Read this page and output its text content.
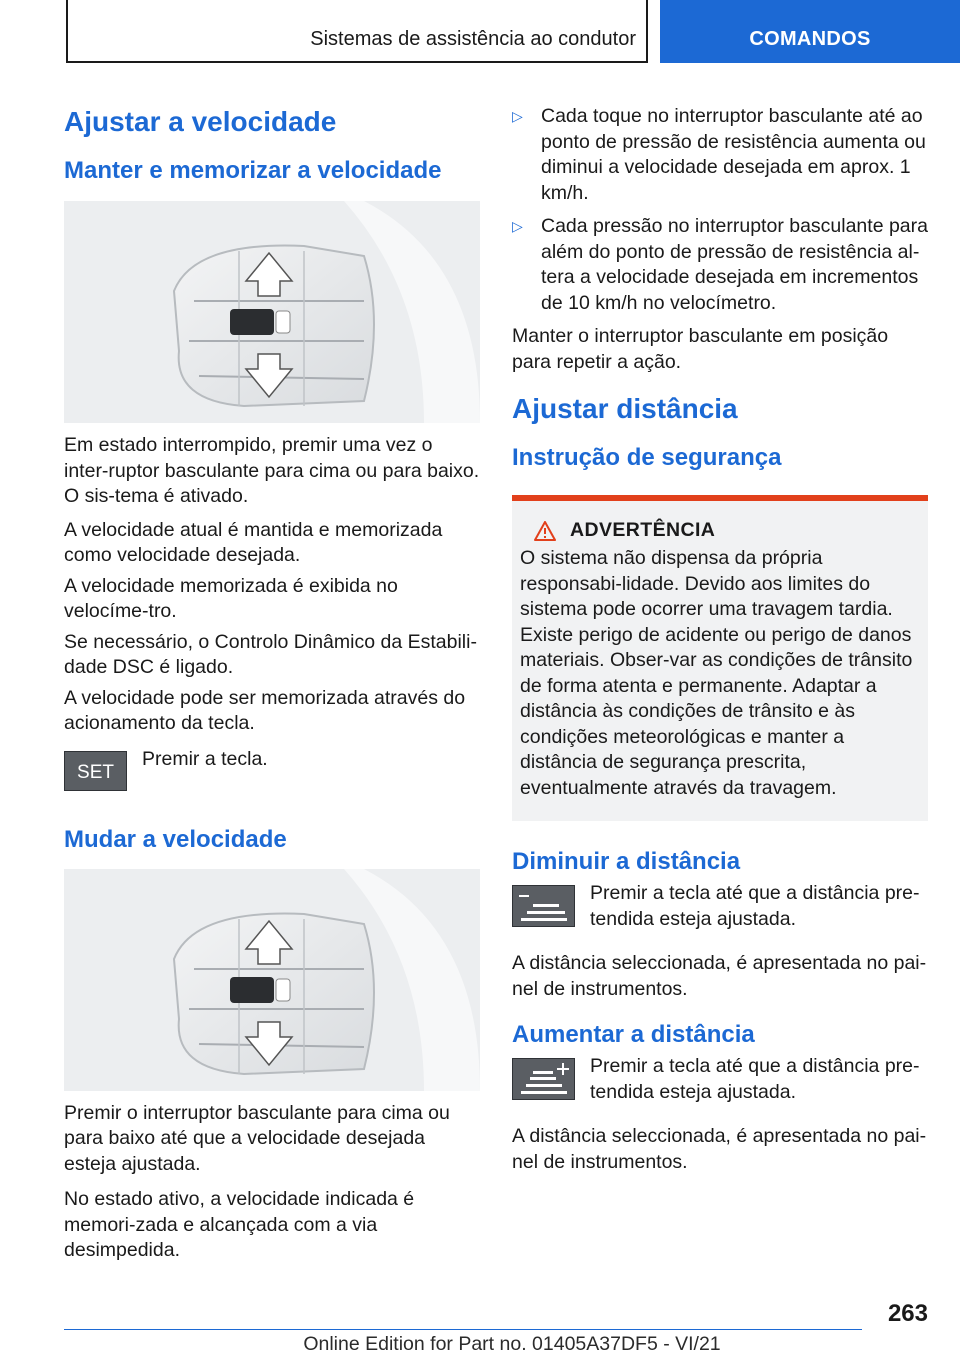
Sistemas de assistência ao condutor	COMANDOS
Ajustar a velocidade
Manter e memorizar a velocidade

Em estado interrompido, premir uma vez o inter‐ruptor basculante para cima ou para baixo. O sis‐tema é ativado.

A velocidade atual é mantida e memorizada como velocidade desejada.

A velocidade memorizada é exibida no velocíme‐tro.

Se necessário, o Controlo Dinâmico da Estabili‐dade DSC é ligado.

A velocidade pode ser memorizada através do acionamento da tecla.

SET

Premir a tecla.

Mudar a velocidade

Premir o interruptor basculante para cima ou para baixo até que a velocidade desejada esteja ajustada.

No estado ativo, a velocidade indicada é memori‐zada e alcançada com a via desimpedida.

▷ Cada toque no interruptor basculante até ao ponto de pressão de resistência aumenta ou diminui a velocidade desejada em aprox. 1 km/h.
▷ Cada pressão no interruptor basculante para além do ponto de pressão de resistência al‐tera a velocidade desejada em incrementos de 10 km/h no velocímetro.

Manter o interruptor basculante em posição para repetir a ação.

Ajustar distância
Instrução de segurança
ADVERTÊNCIA

O sistema não dispensa da própria responsabi‐lidade. Devido aos limites do sistema pode ocorrer uma travagem tardia. Existe perigo de acidente ou perigo de danos materiais. Obser‐var as condições de trânsito de forma atenta e permanente. Adaptar a distância às condições de trânsito e às condições meteorológicas e manter a distância de segurança prescrita, eventualmente através da travagem.

Diminuir a distância

Premir a tecla até que a distância pre‐tendida esteja ajustada.

A distância seleccionada, é apresentada no pai‐nel de instrumentos.

Aumentar a distância

Premir a tecla até que a distância pre‐tendida esteja ajustada.

A distância seleccionada, é apresentada no pai‐nel de instrumentos.

263
Online Edition for Part no. 01405A37DF5 - VI/21
